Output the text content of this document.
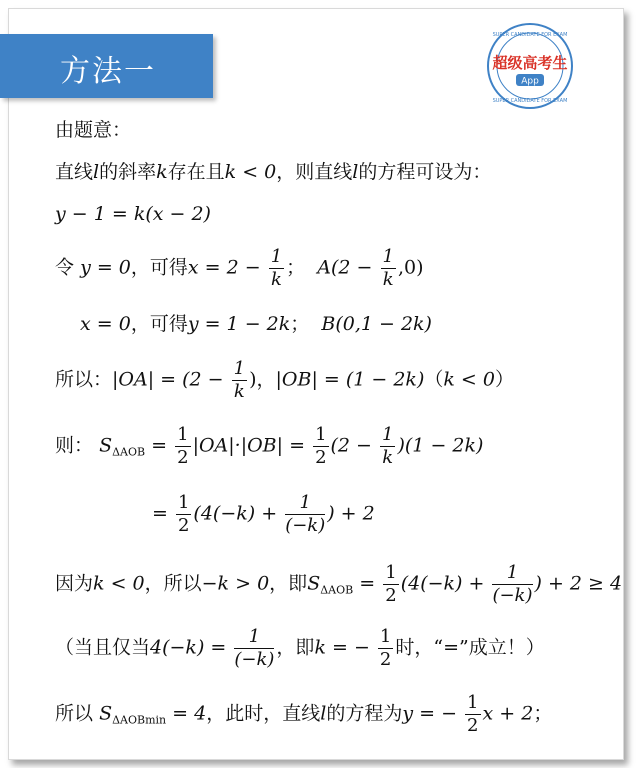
方法一
SUPER CANDIDATE FOR EXAM
SUPER CANDIDATE FOR EXAM
超级高考生
App
由题意：
直线l的斜率k存在且k < 0，则直线l的方程可设为：
y − 1 = k(x − 2)
令 y = 0，可得$x = 2 - \frac{1}{k}$ ； $A(2 - \frac{1}{k} ,0)$
x = 0，可得y = 1 − 2k； B(0,1 − 2k)
所以：$|OA| = (2 - \frac{1}{k}$ )，|OB| = (1 − 2k)（k < 0）
则： $S_{\Delta AOB} = \frac{1}{2} |OA|\cdot|OB| = \frac{1}{2} (2 - \frac{1}{k} )(1 - 2k)$
= $\frac{1}{2} (4(-k) + \frac{1}{(-k)}$ ) + 2
因为k < 0，所以−k > 0，即$S_{\Delta AOB} = \frac{1}{2} (4(-k) + \frac{1}{(-k)}$ ) + 2 ≥ 4
（当且仅当$4(-k) = \frac{1}{(-k)}$ ，即k = − $\frac{1}{2}$ 时，“=”成立！）
所以 $S_{\Delta AOBmin} = 4$，此时，直线l的方程为y = − $\frac{1}{2}$ x + 2；
